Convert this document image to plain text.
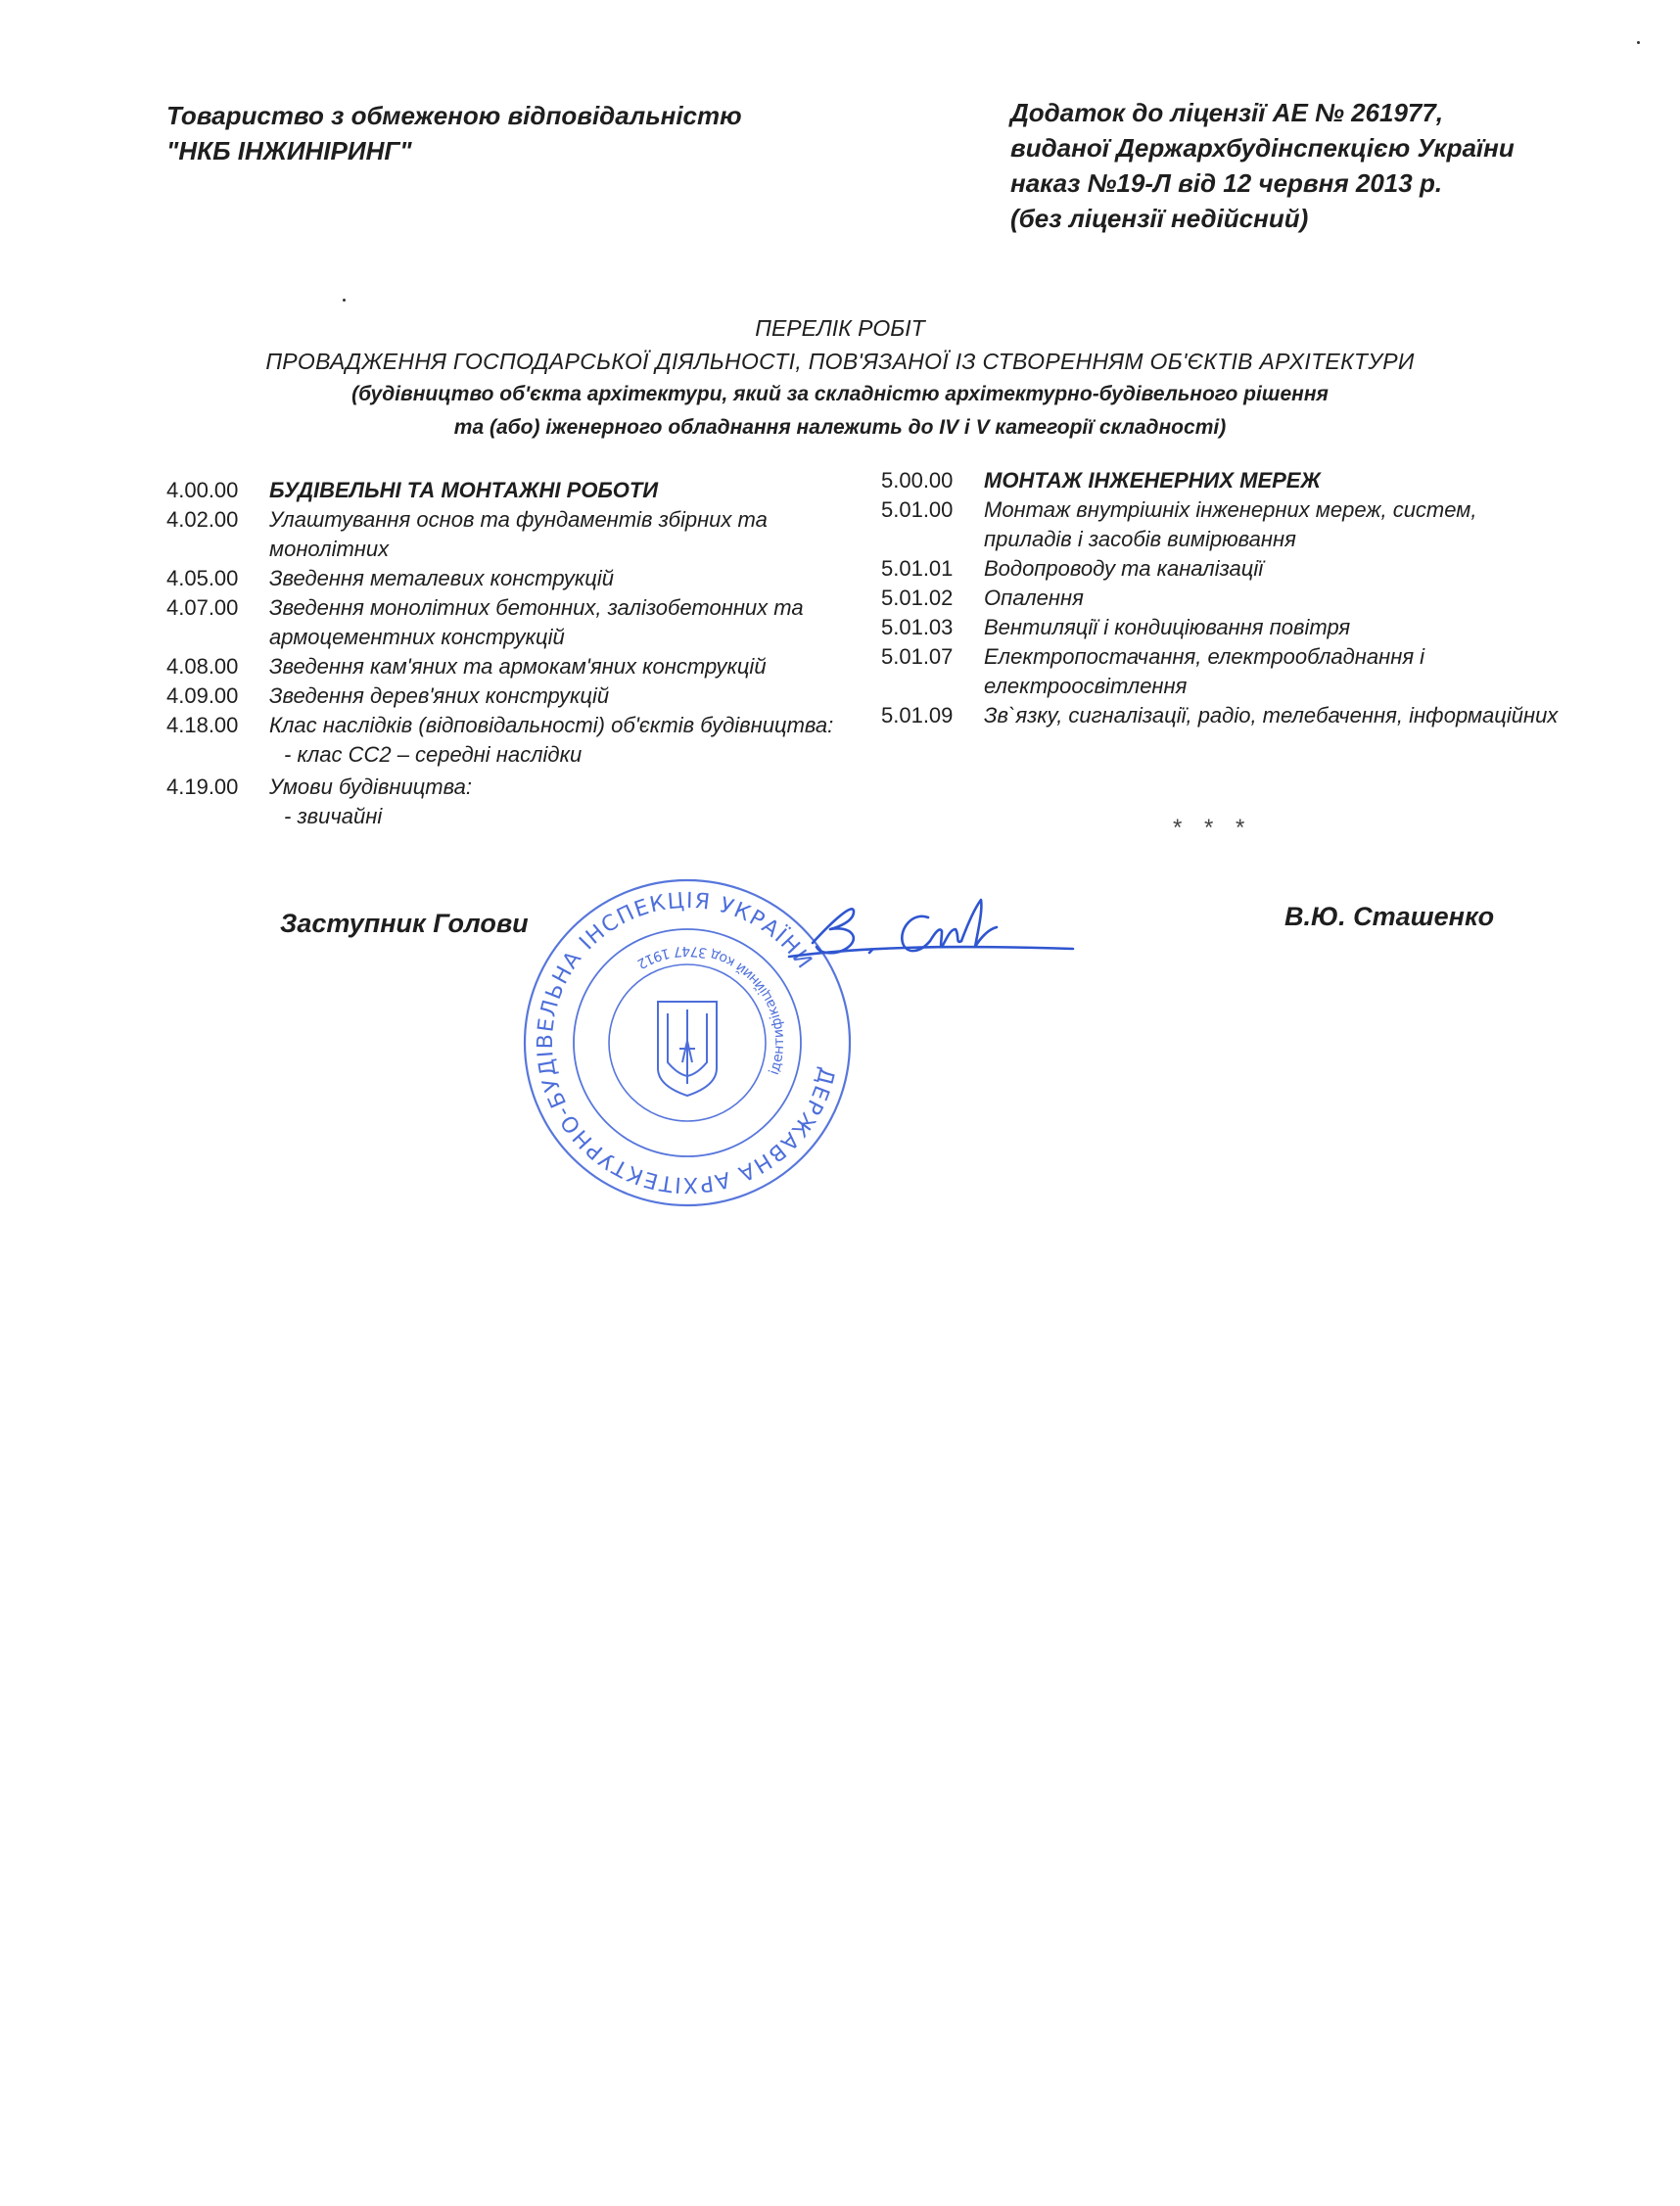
Товариство з обмеженою відповідальністю
"НКБ ІНЖИНІРИНГ"
Додаток до ліцензії АЕ № 261977,
виданої Держархбудінспекцією України
наказ №19-Л від 12 червня 2013 р.
(без ліцензії недійсний)
ПЕРЕЛІК РОБІТ
ПРОВАДЖЕННЯ ГОСПОДАРСЬКОЇ ДІЯЛЬНОСТІ, ПОВ'ЯЗАНОЇ ІЗ СТВОРЕННЯМ ОБ'ЄКТІВ АРХІТЕКТУРИ
(будівництво об'єкта архітектури, який за складністю архітектурно-будівельного рішення
та (або) іженерного обладнання належить до IV і V категорії складності)
4.00.00	БУДІВЕЛЬНІ ТА МОНТАЖНІ РОБОТИ
4.02.00	Улаштування основ та фундаментів збірних та монолітних
4.05.00	Зведення металевих конструкцій
4.07.00	Зведення монолітних бетонних, залізобетонних та армоцементних конструкцій
4.08.00	Зведення кам'яних та армокам'яних конструкцій
4.09.00	Зведення дерев'яних конструкцій
4.18.00	Клас наслідків (відповідальності) об'єктів будівництва:
- клас СС2 – середні наслідки
4.19.00	Умови будівництва:
- звичайні
5.00.00	МОНТАЖ ІНЖЕНЕРНИХ МЕРЕЖ
5.01.00	Монтаж внутрішніх інженерних мереж, систем, приладів і засобів вимірювання
5.01.01	Водопроводу та каналізації
5.01.02	Опалення
5.01.03	Вентиляції і кондиціювання повітря
5.01.07	Електропостачання, електрообладнання і електроосвітлення
5.01.09	Зв`язку, сигналізації, радіо, телебачення, інформаційних
* * *
Заступник Голови	В.Ю. Сташенко
ДЕРЖАВНА АРХІТЕКТУРНО-БУДІВЕЛЬНА ІНСПЕКЦІЯ УКРАЇНИ
ідентифікаційний код 3747 1912
